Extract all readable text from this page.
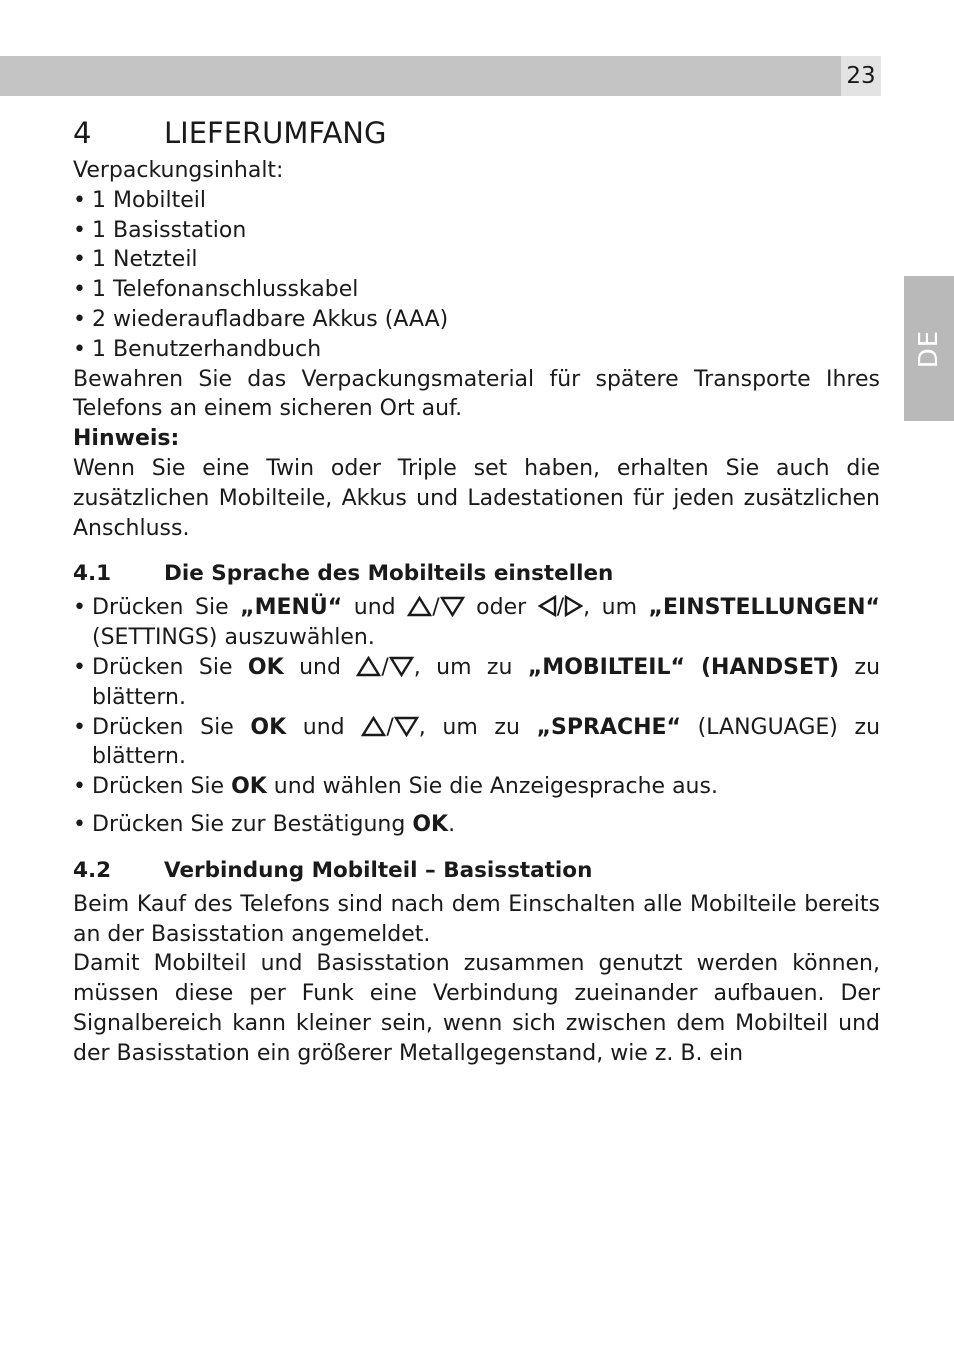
23
DE
4	LIEFERUMFANG

Verpackungsinhalt:

• 1 Mobilteil

• 1 Basisstation

• 1 Netzteil

• 1 Telefonanschlusskabel

• 2 wiederaufladbare Akkus (AAA)

• 1 Benutzerhandbuch

Bewahren Sie das Verpackungsmaterial für spätere Transporte Ihres Telefons an einem sicheren Ort auf.

Hinweis:

Wenn Sie eine Twin oder Triple set haben, erhalten Sie auch die zusätzlichen Mobilteile, Akkus und Ladestationen für jeden zusätzlichen Anschluss.

4.1 Die Sprache des Mobilteils einstellen

• Drücken Sie „MENÜ“ und / oder / , um „EINSTELLUNGEN“ (SETTINGS) auszuwählen.

• Drücken Sie OK und / , um zu „MOBILTEIL“ (HANDSET) zu blättern.

• Drücken Sie OK und / , um zu „SPRACHE“ (LANGUAGE) zu blättern.

• Drücken Sie OK und wählen Sie die Anzeigesprache aus.

• Drücken Sie zur Bestätigung OK.

4.2 Verbindung Mobilteil – Basisstation

Beim Kauf des Telefons sind nach dem Einschalten alle Mobilteile bereits an der Basisstation angemeldet.

Damit Mobilteil und Basisstation zusammen genutzt werden können, müssen diese per Funk eine Verbindung zueinander aufbauen. Der Signalbereich kann kleiner sein, wenn sich zwischen dem Mobilteil und der Basisstation ein größerer Metallgegenstand, wie z. B. ein
